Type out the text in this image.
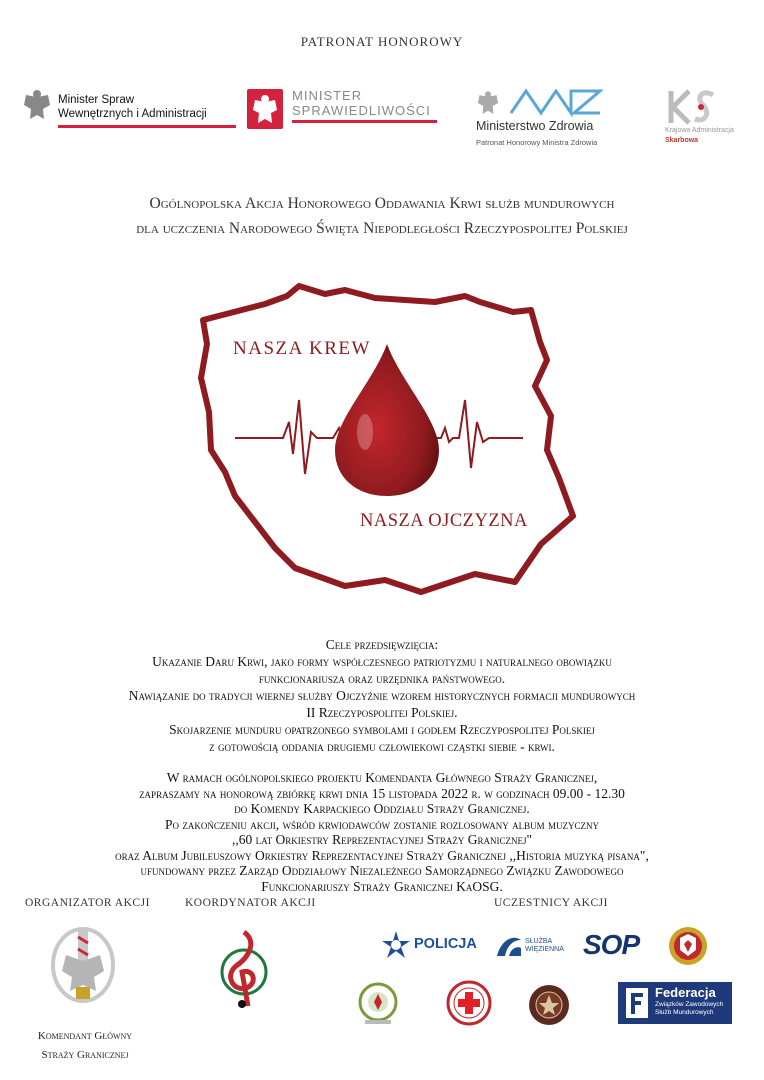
PATRONAT HONOROWY
Minister Spraw
Wewnętrznych i Administracji
MINISTER
SPRAWIEDLIWOŚCI
Ministerstwo Zdrowia
Patronat Honorowy Ministra Zdrowia
Krajowa Administracja
Skarbowa
Ogólnopolska Akcja Honorowego Oddawania Krwi służb mundurowych
dla uczczenia Narodowego Święta Niepodległości Rzeczypospolitej Polskiej
NASZA KREW
NASZA OJCZYZNA
Cele przedsięwzięcia:
Ukazanie Daru Krwi, jako formy współczesnego patriotyzmu i naturalnego obowiązku
funkcjonariusza oraz urzędnika państwowego.
Nawiązanie do tradycji wiernej służby Ojczyźnie wzorem historycznych formacji mundurowych
II Rzeczypospolitej Polskiej.
Skojarzenie munduru opatrzonego symbolami i godłem Rzeczypospolitej Polskiej
z gotowością oddania drugiemu człowiekowi cząstki siebie - krwi.
W ramach ogólnopolskiego projektu Komendanta Głównego Straży Granicznej,
zapraszamy na honorową zbiórkę krwi dnia 15 listopada 2022 r. w godzinach 09.00 - 12.30
do Komendy Karpackiego Oddziału Straży Granicznej.
Po zakończeniu akcji, wśród krwiodawców zostanie rozlosowany album muzyczny
,,60 lat Orkiestry Reprezentacyjnej Straży Granicznej"
oraz Album Jubileuszowy Orkiestry Reprezentacyjnej Straży Granicznej ,,Historia muzyką pisana",
ufundowany przez Zarząd Oddziałowy Niezależnego Samorządnego Związku Zawodowego
Funkcjonariuszy Straży Granicznej KaOSG.
ORGANIZATOR AKCJI	KOORDYNATOR AKCJI	UCZESTNICY AKCJI
Komendant Główny
Straży Granicznej
POLICJA	SŁUŻBA
WIĘZIENNA SOP
Federacja
Związków Zawodowych
Służb Mundurowych
